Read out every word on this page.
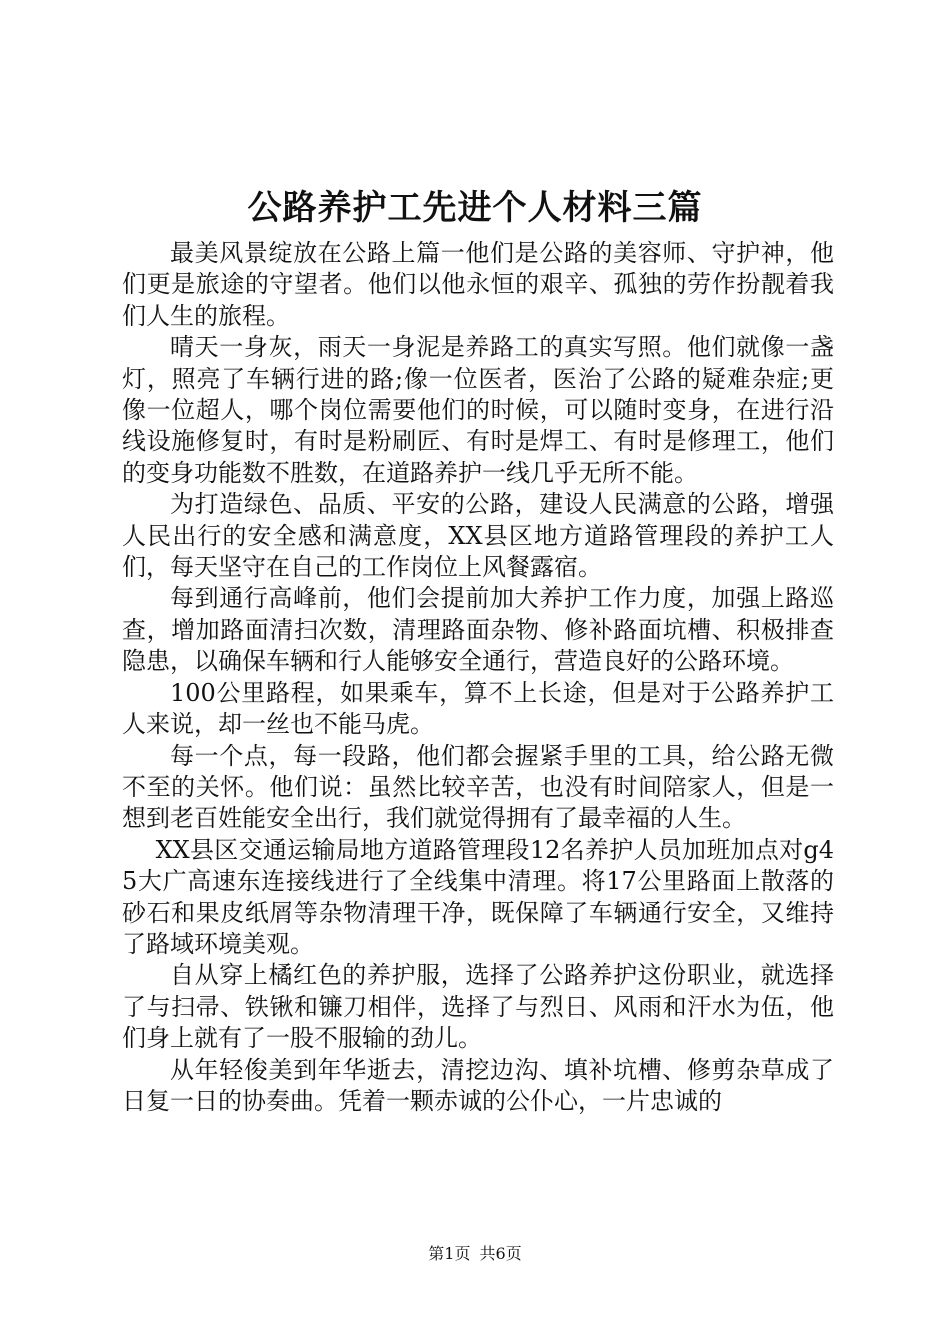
公路养护工先进个人材料三篇

最美风景绽放在公路上篇一他们是公路的美容师、守护神，他们更是旅途的守望者。他们以他永恒的艰辛、孤独的劳作扮靓着我们人生的旅程。

晴天一身灰，雨天一身泥是养路工的真实写照。他们就像一盏灯，照亮了车辆行进的路;像一位医者，医治了公路的疑难杂症;更像一位超人，哪个岗位需要他们的时候，可以随时变身，在进行沿线设施修复时，有时是粉刷匠、有时是焊工、有时是修理工，他们的变身功能数不胜数，在道路养护一线几乎无所不能。

为打造绿色、品质、平安的公路，建设人民满意的公路，增强人民出行的安全感和满意度，XX县区地方道路管理段的养护工人们，每天坚守在自己的工作岗位上风餐露宿。

每到通行高峰前，他们会提前加大养护工作力度，加强上路巡查，增加路面清扫次数，清理路面杂物、修补路面坑槽、积极排查隐患，以确保车辆和行人能够安全通行，营造良好的公路环境。

100公里路程，如果乘车，算不上长途，但是对于公路养护工人来说，却一丝也不能马虎。

每一个点，每一段路，他们都会握紧手里的工具，给公路无微不至的关怀。他们说：虽然比较辛苦，也没有时间陪家人，但是一想到老百姓能安全出行，我们就觉得拥有了最幸福的人生。

XX县区交通运输局地方道路管理段12名养护人员加班加点对g45大广高速东连接线进行了全线集中清理。将17公里路面上散落的砂石和果皮纸屑等杂物清理干净，既保障了车辆通行安全，又维持了路域环境美观。

自从穿上橘红色的养护服，选择了公路养护这份职业，就选择了与扫帚、铁锹和镰刀相伴，选择了与烈日、风雨和汗水为伍，他们身上就有了一股不服输的劲儿。

从年轻俊美到年华逝去，清挖边沟、填补坑槽、修剪杂草成了日复一日的协奏曲。凭着一颗赤诚的公仆心，一片忠诚的

第1页 共6页
